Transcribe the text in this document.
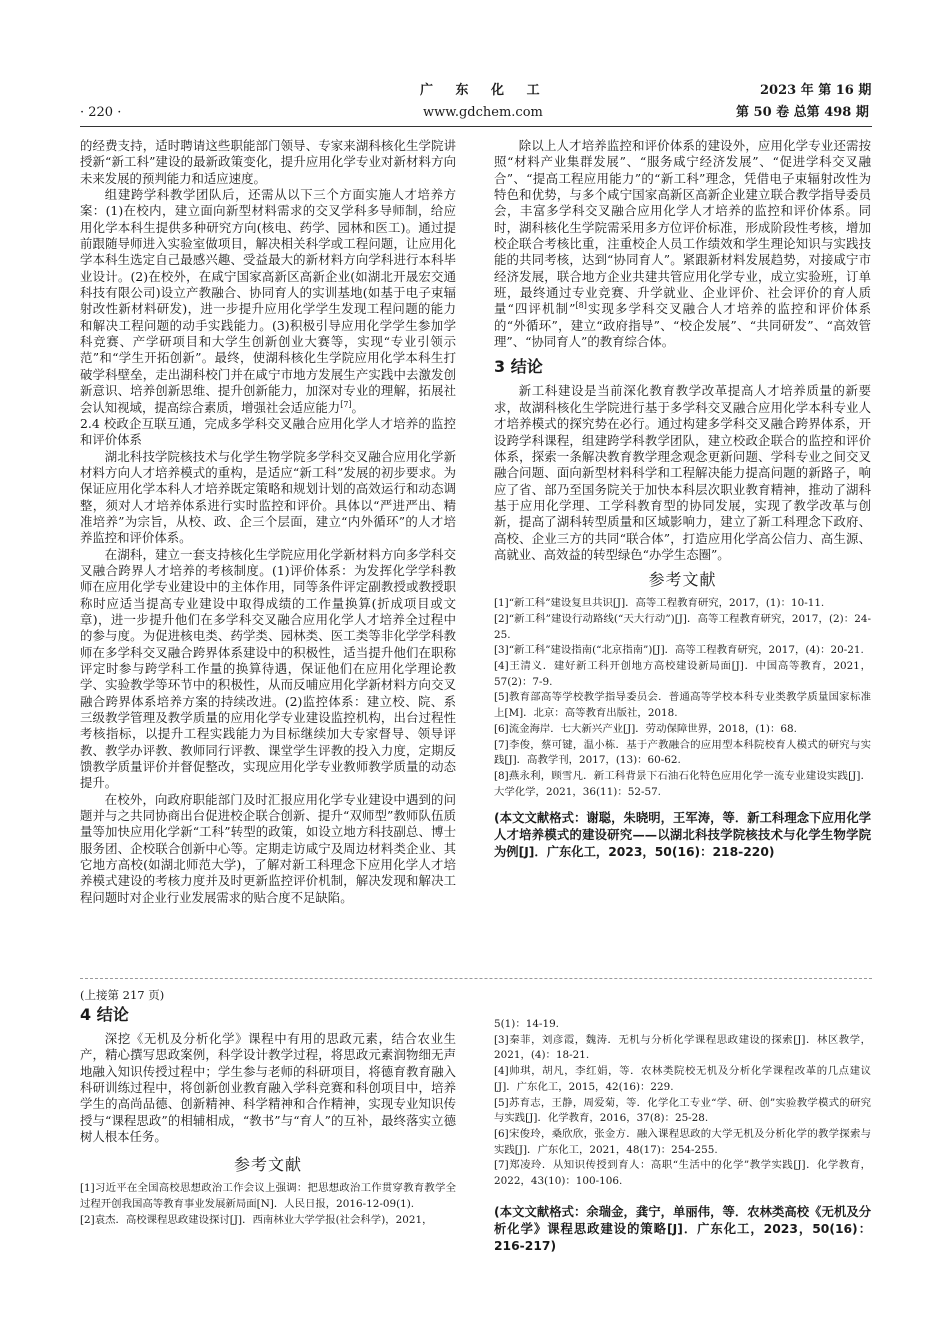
广 东 化 工
· 220 ·	www.gdchem.com
2023 年 第 16 期
第 50 卷 总第 498 期

的经费支持，适时聘请这些职能部门领导、专家来湖科核化生学院讲授新“新工科”建设的最新政策变化，提升应用化学专业对新材料方向未来发展的预判能力和适应速度。

组建跨学科教学团队后，还需从以下三个方面实施人才培养方案：(1)在校内，建立面向新型材料需求的交叉学科多导师制，给应用化学本科生提供多种研究方向(核电、药学、园林和医工)。通过提前跟随导师进入实验室做项目，解决相关科学或工程问题，让应用化学本科生选定自己最感兴趣、受益最大的新材料方向学科进行本科毕业设计。(2)在校外，在咸宁国家高新区高新企业(如湖北开晟宏交通科技有限公司)设立产教融合、协同育人的实训基地(如基于电子束辐射改性新材料研发)，进一步提升应用化学学生发现工程问题的能力和解决工程问题的动手实践能力。(3)积极引导应用化学学生参加学科竞赛、产学研项目和大学生创新创业大赛等，实现“专业引领示范”和“学生开拓创新”。最终，使湖科核化生学院应用化学本科生打破学科壁垒，走出湖科校门并在咸宁市地方发展生产实践中去激发创新意识、培养创新思维、提升创新能力，加深对专业的理解，拓展社会认知视域，提高综合素质，增强社会适应能力[7]。

2.4 校政企互联互通，完成多学科交叉融合应用化学人才培养的监控和评价体系

湖北科技学院核技术与化学生物学院多学科交叉融合应用化学新材料方向人才培养模式的重构，是适应“新工科”发展的初步要求。为保证应用化学本科人才培养既定策略和规划计划的高效运行和动态调整，须对人才培养体系进行实时监控和评价。具体以“严进严出、精准培养”为宗旨，从校、政、企三个层面，建立“内外循环”的人才培养监控和评价体系。

在湖科，建立一套支持核化生学院应用化学新材料方向多学科交叉融合跨界人才培养的考核制度。(1)评价体系：为发挥化学学科教师在应用化学专业建设中的主体作用，同等条件评定副教授或教授职称时应适当提高专业建设中取得成绩的工作量换算(折成项目或文章)，进一步提升他们在多学科交叉融合应用化学人才培养全过程中的参与度。为促进核电类、药学类、园林类、医工类等非化学学科教师在多学科交叉融合跨界体系建设中的积极性，适当提升他们在职称评定时参与跨学科工作量的换算待遇，保证他们在应用化学理论教学、实验教学等环节中的积极性，从而反哺应用化学新材料方向交叉融合跨界体系培养方案的持续改进。(2)监控体系：建立校、院、系三级教学管理及教学质量的应用化学专业建设监控机构，出台过程性考核指标，以提升工程实践能力为目标继续加大专家督导、领导评教、教学办评教、教师同行评教、课堂学生评教的投入力度，定期反馈教学质量评价并督促整改，实现应用化学专业教师教学质量的动态提升。

在校外，向政府职能部门及时汇报应用化学专业建设中遇到的问题并与之共同协商出台促进校企联合创新、提升“双师型”教师队伍质量等加快应用化学新“工科”转型的政策，如设立地方科技副总、博士服务团、企校联合创新中心等。定期走访咸宁及周边材料类企业、其它地方高校(如湖北师范大学)，了解对新工科理念下应用化学人才培养模式建设的考核力度并及时更新监控评价机制，解决发现和解决工程问题时对企业行业发展需求的贴合度不足缺陷。

除以上人才培养监控和评价体系的建设外，应用化学专业还需按照“材料产业集群发展”、“服务咸宁经济发展”、“促进学科交叉融合”、“提高工程应用能力”的“新工科”理念，凭借电子束辐射改性为特色和优势，与多个咸宁国家高新区高新企业建立联合教学指导委员会，丰富多学科交叉融合应用化学人才培养的监控和评价体系。同时，湖科核化生学院需采用多方位评价标准，形成阶段性考核，增加校企联合考核比重，注重校企人员工作绩效和学生理论知识与实践技能的共同考核，达到“协同育人”。紧跟新材料发展趋势，对接咸宁市经济发展，联合地方企业共建共管应用化学专业，成立实验班，订单班，最终通过专业竞赛、升学就业、企业评价、社会评价的育人质量“四评机制”[8]实现多学科交叉融合人才培养的监控和评价体系的“外循环”，建立“政府指导”、“校企发展”、“共同研发”、“高效管理”、“协同育人”的教育综合体。

3 结论

新工科建设是当前深化教育教学改革提高人才培养质量的新要求，故湖科核化生学院进行基于多学科交叉融合应用化学本科专业人才培养模式的探究势在必行。通过构建多学科交叉融合跨界体系，开设跨学科课程，组建跨学科教学团队，建立校政企联合的监控和评价体系，探索一条解决教育教学理念观念更新问题、学科专业之间交叉融合问题、面向新型材料科学和工程解决能力提高问题的新路子，响应了省、部乃至国务院关于加快本科层次职业教育精神，推动了湖科基于应用化学理、工学科教育型的协同发展，实现了教学改革与创新，提高了湖科转型质量和区域影响力，建立了新工科理念下政府、高校、企业三方的共同“联合体”，打造应用化学高公信力、高生源、高就业、高效益的转型绿色“办学生态圈”。

参考文献
[1]“新工科”建设复旦共识[J]．高等工程教育研究，2017，(1)：10-11.
[2]“新工科”建设行动路线(“天大行动”)[J]．高等工程教育研究，2017，(2)：24-25.
[3]“新工科”建设指南(“北京指南”)[J]．高等工程教育研究，2017，(4)：20-21.
[4]王清义．建好新工科开创地方高校建设新局面[J]．中国高等教育，2021，57(2)：7-9.
[5]教育部高等学校教学指导委员会．普通高等学校本科专业类教学质量国家标准上[M]．北京：高等教育出版社，2018.
[6]流金海岸．七大新兴产业[J]．劳动保障世界，2018，(1)：68.
[7]李俊，蔡可键，温小栋．基于产教融合的应用型本科院校育人模式的研究与实践[J]．高教学刊，2017，(13)：60-62.
[8]燕永利，顾雪凡．新工科背景下石油石化特色应用化学一流专业建设实践[J]．大学化学，2021，36(11)：52-57.
(本文文献格式：谢聪，朱晓明，王军涛，等．新工科理念下应用化学人才培养模式的建设研究——以湖北科技学院核技术与化学生物学院为例[J]．广东化工，2023，50(16)：218-220)

(上接第 217 页)

4 结论

深挖《无机及分析化学》课程中有用的思政元素，结合农业生产，精心撰写思政案例，科学设计教学过程，将思政元素润物细无声地融入知识传授过程中；学生参与老师的科研项目，将德育教育融入科研训练过程中，将创新创业教育融入学科竞赛和科创项目中，培养学生的高尚品德、创新精神、科学精神和合作精神，实现专业知识传授与“课程思政”的相辅相成，“教书”与“育人”的互补，最终落实立德树人根本任务。

参考文献
[1]习近平在全国高校思想政治工作会议上强调：把思想政治工作贯穿教育教学全过程开创我国高等教育事业发展新局面[N]．人民日报，2016-12-09(1).
[2]袁杰．高校课程思政建设探讨[J]．西南林业大学学报(社会科学)，2021，
5(1)：14-19.
[3]秦菲，刘彦霞，魏涛．无机与分析化学课程思政建设的探索[J]．林区教学，2021，(4)：18-21.
[4]帅琪，胡凡，李红娟，等．农林类院校无机及分析化学课程改革的几点建议[J]．广东化工，2015，42(16)：229.
[5]苏育志，王静，周爱菊，等．化学化工专业“学、研、创”实验教学模式的研究与实践[J]．化学教育，2016，37(8)：25-28.
[6]宋俊玲，桑欣欣，张金方．融入课程思政的大学无机及分析化学的教学探索与实践[J]．广东化工，2021，48(17)：254-255.
[7]郑凌玲．从知识传授到育人：高职“生活中的化学”教学实践[J]．化学教育，2022，43(10)：100-106.
(本文文献格式：余瑞金，龚宁，单丽伟，等．农林类高校《无机及分析化学》课程思政建设的策略[J]．广东化工，2023，50(16)：216-217)
